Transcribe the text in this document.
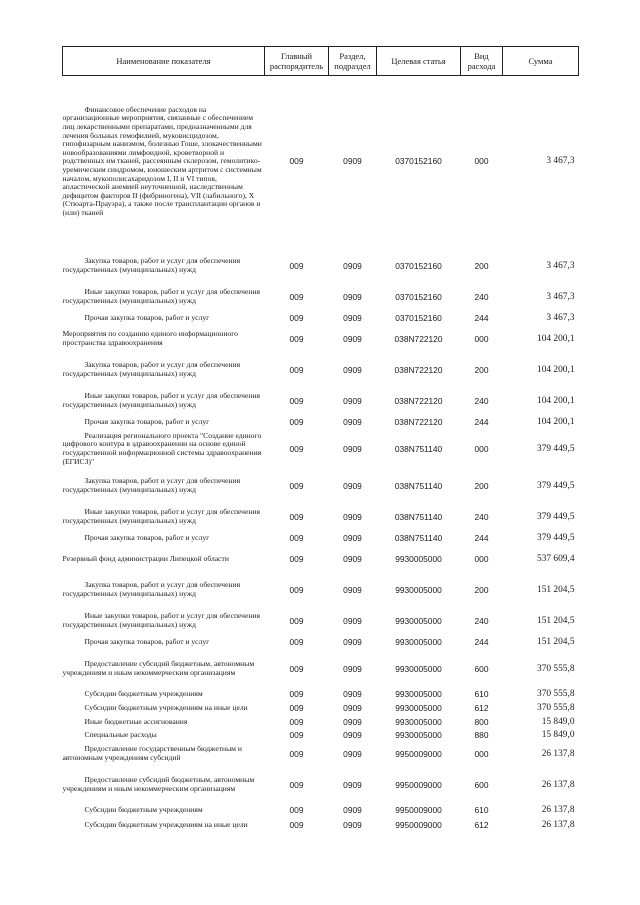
Наименование показателя	Главный распорядитель	Раздел, подраздел	Целевая статья	Вид расхода	Сумма
Финансовое обеспечение расходов на организационные мероприятия, связанные с обеспечением лиц лекарственными препаратами, предназначенными для лечения больных гемофилией, муковисцидозом, гипофизарным нанизмом, болезнью Гоше, злокачественными новообразованиями лимфоидной, кроветворной и родственных им тканей, рассеянным склерозом, гемолитико-уремическим синдромом, юношеским артритом с системным началом, мукополисахаридозом I, II и VI типов, апластической анемией неуточненной, наследственным дефицитом факторов II (фибриногена), VII (лабильного), X (Стюарта-Прауэра), а также после трансплантации органов и (или) тканей	009	0909	0370152160	000	3 467,3
Закупка товаров, работ и услуг для обеспечения государственных (муниципальных) нужд	009	0909	0370152160	200	3 467,3
Иные закупки товаров, работ и услуг для обеспечения государственных (муниципальных) нужд	009	0909	0370152160	240	3 467,3
Прочая закупка товаров, работ и услуг	009	0909	0370152160	244	3 467,3
Мероприятия по созданию единого информационного пространства здравоохранения	009	0909	038N722120	000	104 200,1
Закупка товаров, работ и услуг для обеспечения государственных (муниципальных) нужд	009	0909	038N722120	200	104 200,1
Иные закупки товаров, работ и услуг для обеспечения государственных (муниципальных) нужд	009	0909	038N722120	240	104 200,1
Прочая закупка товаров, работ и услуг	009	0909	038N722120	244	104 200,1
Реализация регионального проекта "Создание единого цифрового контура в здравоохранении на основе единой государственной информационной системы здравоохранения (ЕГИСЗ)"	009	0909	038N751140	000	379 449,5
Закупка товаров, работ и услуг для обеспечения государственных (муниципальных) нужд	009	0909	038N751140	200	379 449,5
Иные закупки товаров, работ и услуг для обеспечения государственных (муниципальных) нужд	009	0909	038N751140	240	379 449,5
Прочая закупка товаров, работ и услуг	009	0909	038N751140	244	379 449,5
Резервный фонд администрации Липецкой области	009	0909	9930005000	000	537 609,4
Закупка товаров, работ и услуг для обеспечения государственных (муниципальных) нужд	009	0909	9930005000	200	151 204,5
Иные закупки товаров, работ и услуг для обеспечения государственных (муниципальных) нужд	009	0909	9930005000	240	151 204,5
Прочая закупка товаров, работ и услуг	009	0909	9930005000	244	151 204,5
Предоставление субсидий бюджетным, автономным учреждениям и иным некоммерческим организациям	009	0909	9930005000	600	370 555,8
Субсидии бюджетным учреждениям	009	0909	9930005000	610	370 555,8
Субсидии бюджетным учреждениям на иные цели	009	0909	9930005000	612	370 555,8
Иные бюджетные ассигнования	009	0909	9930005000	800	15 849,0
Специальные расходы	009	0909	9930005000	880	15 849,0
Предоставление государственным бюджетным и автономным учреждениям субсидий	009	0909	9950009000	000	26 137,8
Предоставление субсидий бюджетным, автономным учреждениям и иным некоммерческим организациям	009	0909	9950009000	600	26 137,8
Субсидии бюджетным учреждениям	009	0909	9950009000	610	26 137,8
Субсидии бюджетным учреждениям на иные цели	009	0909	9950009000	612	26 137,8
